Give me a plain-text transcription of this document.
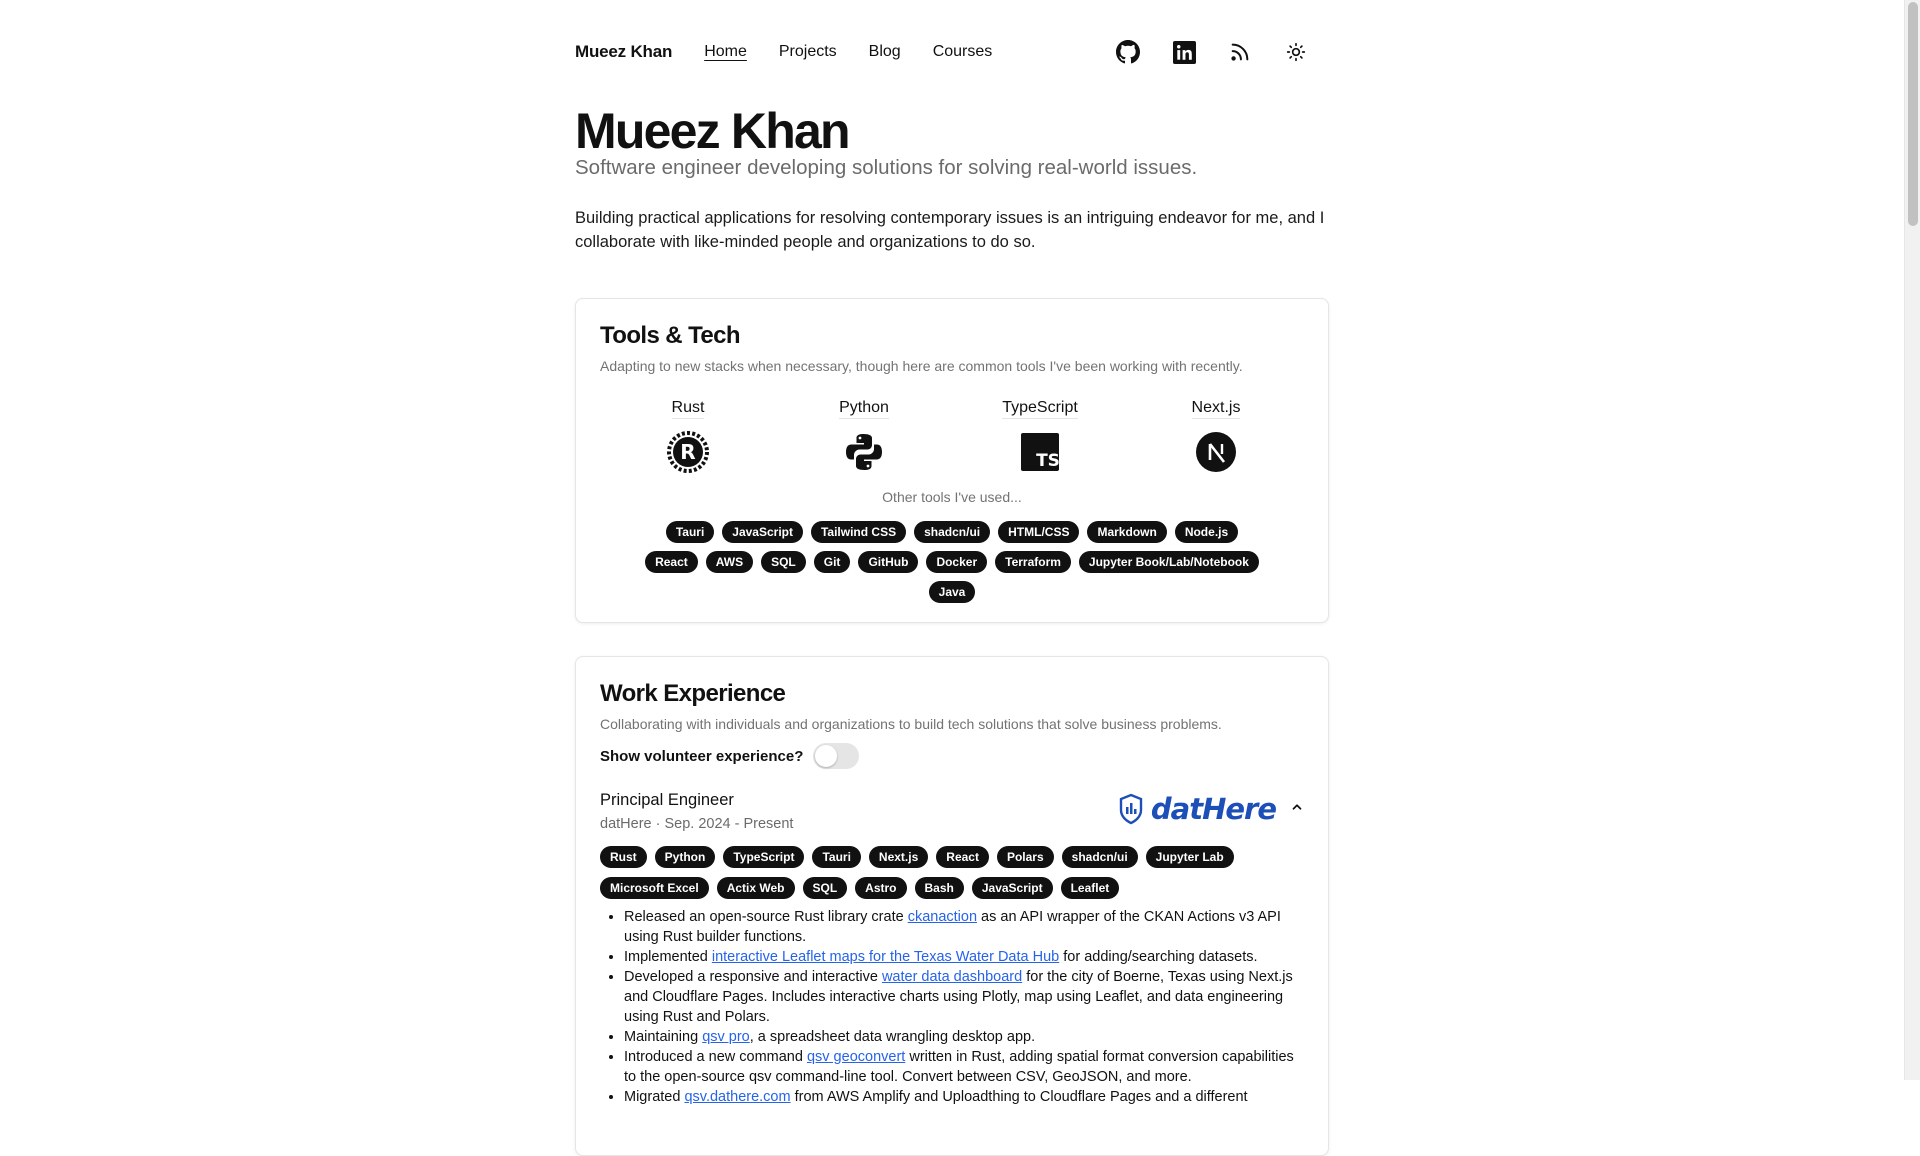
Mueez Khan Home Projects Blog Courses
Mueez Khan

Software engineer developing solutions for solving real-world issues.

Building practical applications for resolving contemporary issues is an intriguing endeavor for me, and I collaborate with like-minded people and organizations to do so.

Tools & Tech

Adapting to new stacks when necessary, though here are common tools I've been working with recently.

Rust
R
Python	TypeScript
TS
Next.js

Other tools I've used...

Tauri	JavaScript	Tailwind CSS	shadcn/ui	HTML/CSS	Markdown	Node.js
React	AWS	SQL	Git	GitHub	Docker	Terraform	Jupyter Book/Lab/Notebook
Java
Work Experience

Collaborating with individuals and organizations to build tech solutions that solve business problems.

Show volunteer experience?
Principal Engineer
datHere · Sep. 2024 - Present	datHere
Rust	Python	TypeScript	Tauri	Next.js	React	Polars	shadcn/ui	Jupyter Lab
Microsoft Excel	Actix Web	SQL	Astro	Bash	JavaScript	Leaflet
• Released an open-source Rust library crate ckanaction as an API wrapper of the CKAN Actions v3 API using Rust builder functions.
• Implemented interactive Leaflet maps for the Texas Water Data Hub for adding/searching datasets.
• Developed a responsive and interactive water data dashboard for the city of Boerne, Texas using Next.js and Cloudflare Pages. Includes interactive charts using Plotly, map using Leaflet, and data engineering using Rust and Polars.
• Maintaining qsv pro, a spreadsheet data wrangling desktop app.
• Introduced a new command qsv geoconvert written in Rust, adding spatial format conversion capabilities to the open-source qsv command-line tool. Convert between CSV, GeoJSON, and more.
• Migrated qsv.dathere.com from AWS Amplify and Uploadthing to Cloudflare Pages and a different
